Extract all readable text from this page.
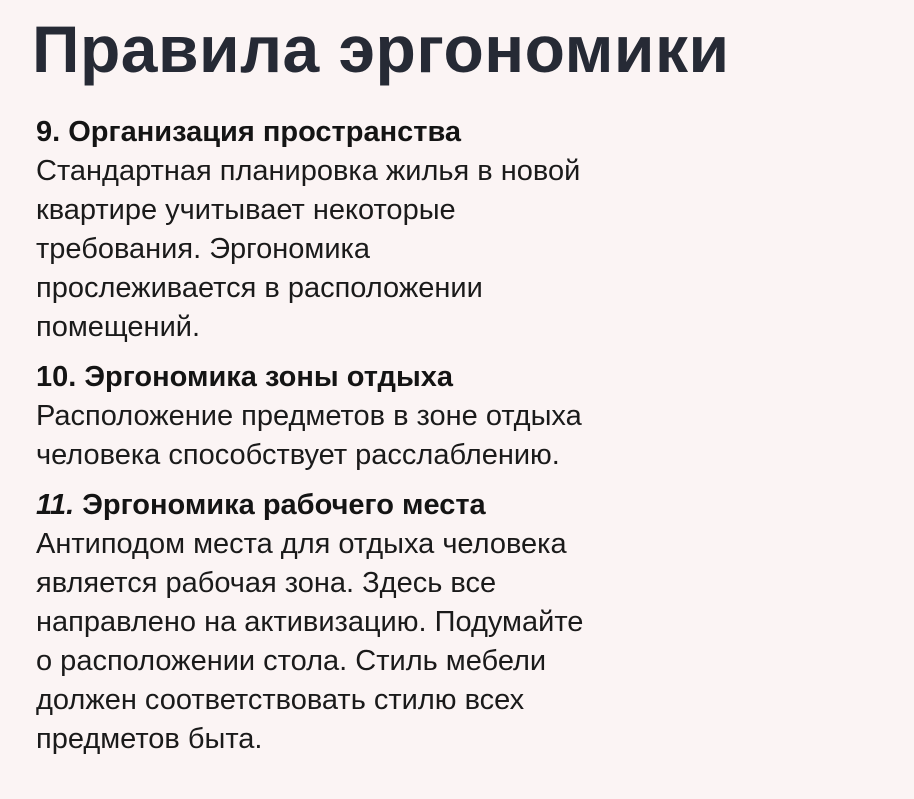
Правила эргономики

9. Организация пространства

Стандартная планировка жилья в новой
квартире учитывает некоторые
требования. Эргономика
прослеживается в расположении
помещений.

10. Эргономика зоны отдыха

Расположение предметов в зоне отдыха
человека способствует расслаблению.

11. Эргономика рабочего места

Антиподом места для отдыха человека
является рабочая зона. Здесь все
направлено на активизацию. Подумайте
о расположении стола. Стиль мебели
должен соответствовать стилю всех
предметов быта.
